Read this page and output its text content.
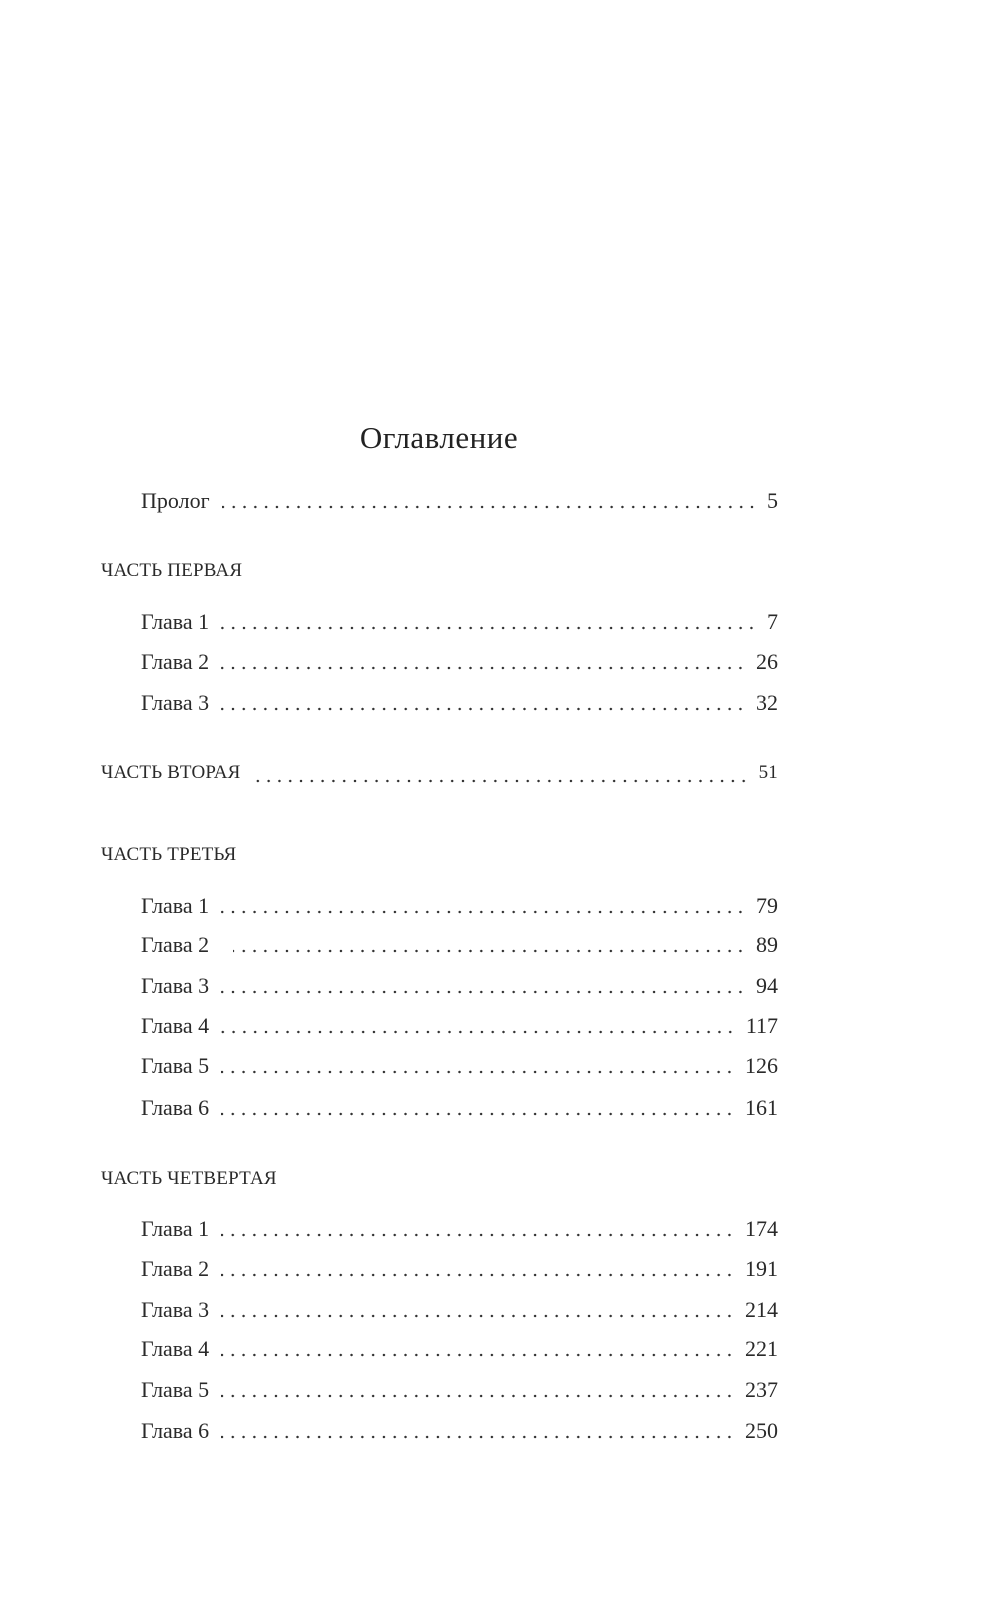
Оглавление
Пролог	5
ЧАСТЬ ПЕРВАЯ
Глава 1	7
Глава 2	26
Глава 3	32
ЧАСТЬ ВТОРАЯ	51
ЧАСТЬ ТРЕТЬЯ
Глава 1	79
Глава 2	89
Глава 3	94
Глава 4	117
Глава 5	126
Глава 6	161
ЧАСТЬ ЧЕТВЕРТАЯ
Глава 1	174
Глава 2	191
Глава 3	214
Глава 4	221
Глава 5	237
Глава 6	250
